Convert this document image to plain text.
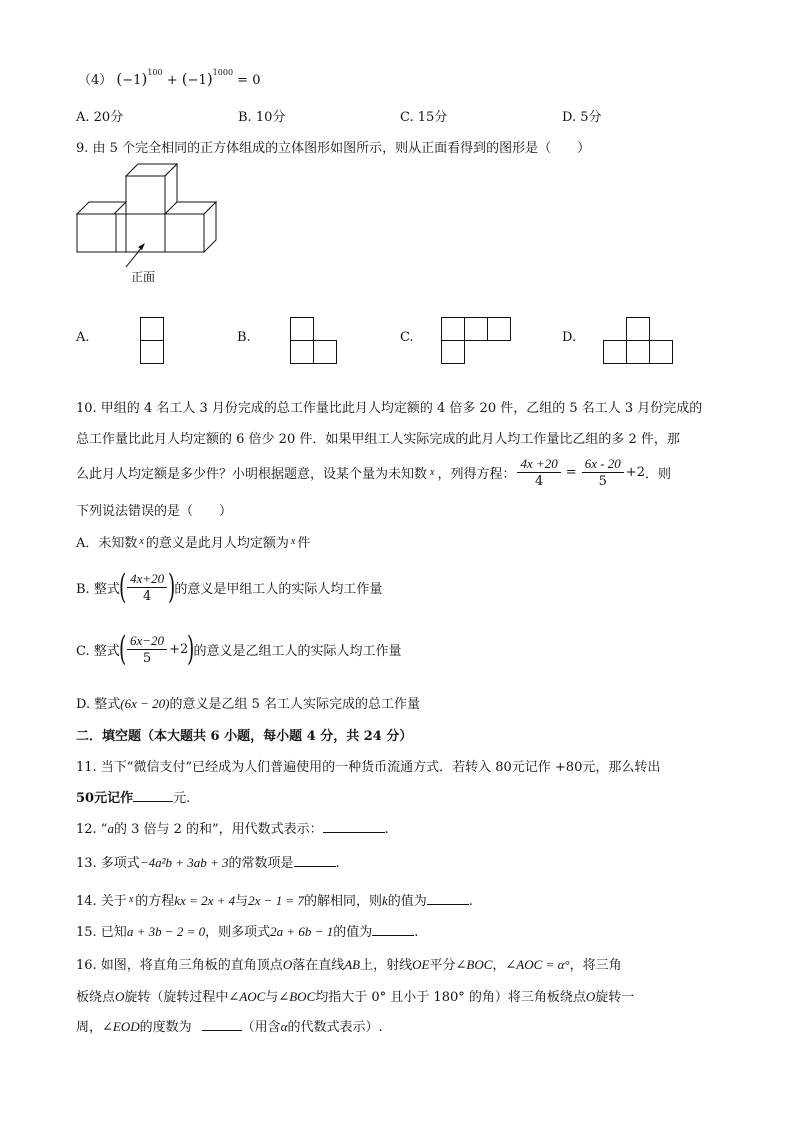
（4） $(-1)^{100} + (-1)^{1000} = 0$
A. 20分	B. 10分	C. 15分	D. 5分
9. 由 5 个完全相同的正方体组成的立体图形如图所示，则从正面看得到的图形是（　　）
正面
A.	B.	C.	D.
10. 甲组的 4 名工人 3 月份完成的总工作量比此月人均定额的 4 倍多 20 件，乙组的 5 名工人 3 月份完成的
总工作量比此月人均定额的 6 倍少 20 件．如果甲组工人实际完成的此月人均工作量比乙组的多 2 件，那
么此月人均定额是多少件？小明根据题意，设某个量为未知数 x ，列得方程： $\frac{4x +20}{4} = \frac{6x - 20}{5} +2$ ．则
下列说法错误的是（　　）
A．未知数 $^x$ 的意义是此月人均定额为 $^x$ 件
B. 整式
( $\frac{4x+20}{4}$ )
的意义是甲组工人的实际人均工作量
C. 整式
( $\frac{6x-20}{5} +2$
)
的意义是乙组工人的实际人均工作量
D. 整式(6x − 20)的意义是乙组 5 名工人实际完成的总工作量
二．填空题（本大题共 6 小题，每小题 4 分，共 24 分）
11. 当下“微信支付”已经成为人们普遍使用的一种货币流通方式．若转入 80元记作 +80元，那么转出
50元记作	元.
12. “a的 3 倍与 2 的和”，用代数式表示：	.
13. 多项式−4a²b + 3ab + 3的常数项是	.
14. 关于 $^x$ 的方程kx = 2x + 4与2x − 1 = 7的解相同，则k的值为	.
15. 已知a + 3b − 2 = 0，则多项式2a + 6b − 1的值为	.
16. 如图，将直角三角板的直角顶点O落在直线AB上，射线OE平分∠BOC，∠AOC = α°，将三角
板绕点O旋转（旋转过程中∠AOC与∠BOC均指大于 0° 且小于 180° 的角）将三角板绕点O旋转一
周，∠EOD的度数为	（用含α的代数式表示）.
